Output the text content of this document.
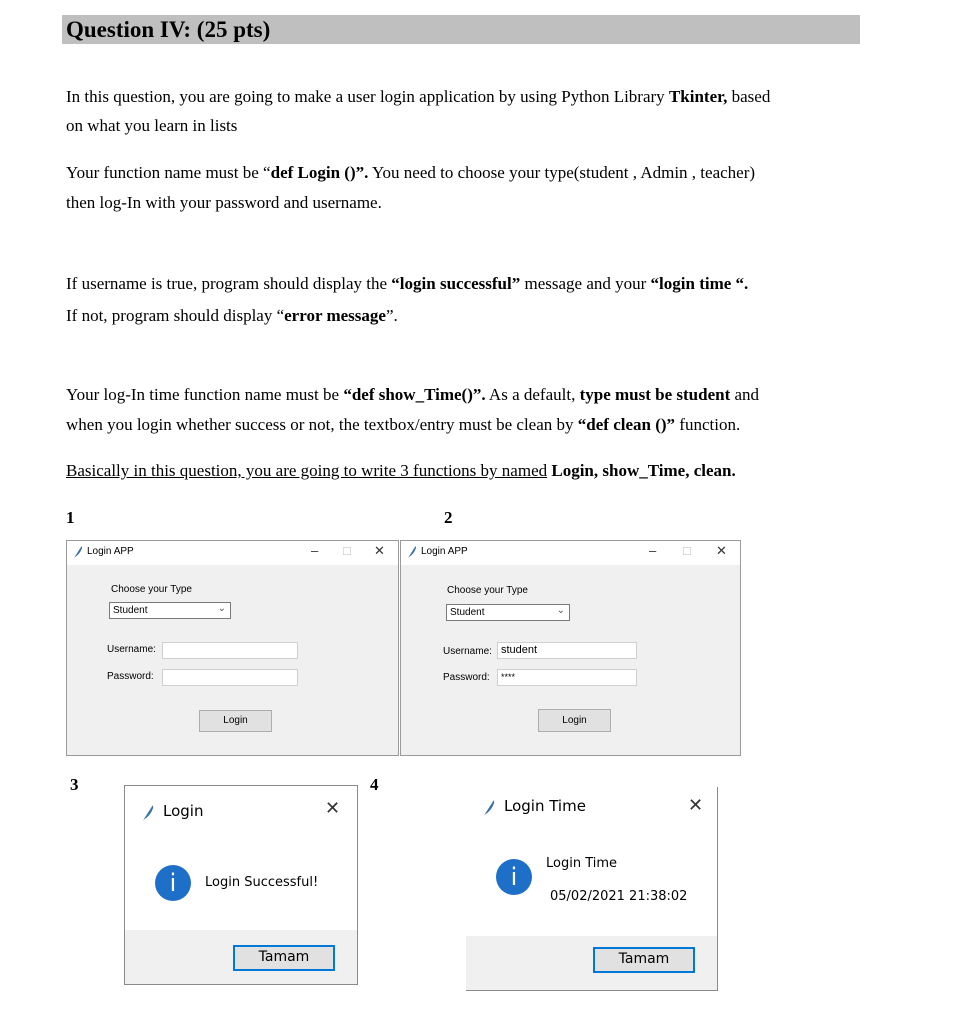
Question IV: (25 pts)
In this question, you are going to make a user login application by using Python Library Tkinter, based
on what you learn in lists
Your function name must be “def Login ()”. You need to choose your type(student , Admin , teacher)
then log-In with your password and username.
If username is true, program should display the “login successful” message and your “login time “.
If not, program should display “error message”.
Your log-In time function name must be “def show_Time()”. As a default, type must be student and
when you login whether success or not, the textbox/entry must be clean by “def clean ()” function.
Basically in this question, you are going to write 3 functions by named Login, show_Time, clean.
1	2
3	4
Login APP	– □ ✕
Choose your Type
Student	⌄
Username:
Password:
Login
Login APP	– □ ✕
Choose your Type
Student	⌄
Username: student
Password:	****
Login
Login	✕
i	Login Successful!
Tamam
Login Time	✕
i	Login Time
05/02/2021 21:38:02
Tamam
